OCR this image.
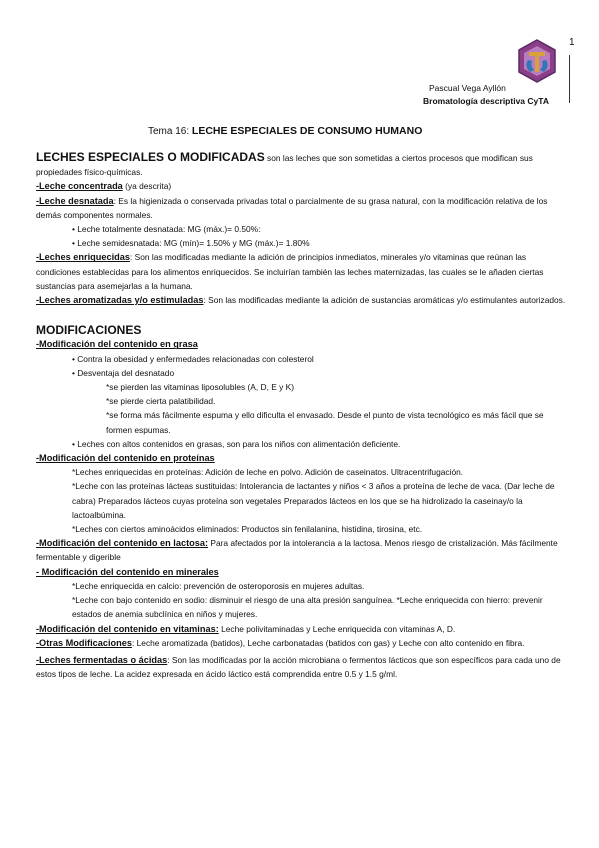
1
Pascual Vega Ayllón
Bromatología descriptiva CyTA
Tema 16: LECHE ESPECIALES DE CONSUMO HUMANO

LECHES ESPECIALES O MODIFICADAS son las leches que son sometidas a ciertos procesos que modifican sus propiedades físico-químicas.

-Leche concentrada (ya descrita)

-Leche desnatada: Es la higienizada o conservada privadas total o parcialmente de su grasa natural, con la modificación relativa de los demás componentes normales.

• Leche totalmente desnatada: MG (máx.)= 0.50%:

• Leche semidesnatada: MG (mín)= 1.50% y MG (máx.)= 1.80%

-Leches enriquecidas: Son las modificadas mediante la adición de principios inmediatos, minerales y/o vitaminas que reúnan las condiciones establecidas para los alimentos enriquecidos. Se incluirían también las leches maternizadas, las cuales se le añaden ciertas sustancias para asemejarlas a la humana.

-Leches aromatizadas y/o estimuladas: Son las modificadas mediante la adición de sustancias aromáticas y/o estimulantes autorizados.

MODIFICACIONES

-Modificación del contenido en grasa

• Contra la obesidad y enfermedades relacionadas con colesterol

• Desventaja del desnatado

*se pierden las vitaminas liposolubles (A, D, E y K)

*se pierde cierta palatibilidad.

*se forma más fácilmente espuma y ello dificulta el envasado. Desde el punto de vista tecnológico es más fácil que se formen espumas.

• Leches con altos contenidos en grasas, son para los niños con alimentación deficiente.

-Modificación del contenido en proteínas

*Leches enriquecidas en proteínas: Adición de leche en polvo. Adición de caseinatos. Ultracentrifugación.

*Leche con las proteínas lácteas sustituidas: Intolerancia de lactantes y niños < 3 años a proteína de leche de vaca. (Dar leche de cabra) Preparados lácteos cuyas proteína son vegetales Preparados lácteos en los que se ha hidrolizado la caseinay/o la lactoalbúmina.

*Leches con ciertos aminoácidos eliminados: Productos sin fenilalanina, histidina, tirosina, etc.

-Modificación del contenido en lactosa: Para afectados por la intolerancia a la lactosa. Menos riesgo de cristalización. Más fácilmente fermentable y digerible

- Modificación del contenido en minerales

*Leche enriquecida en calcio: prevención de osteroporosis en mujeres adultas.

*Leche con bajo contenido en sodio: disminuir el riesgo de una alta presión sanguínea. *Leche enriquecida con hierro: prevenir estados de anemia subclínica en niños y mujeres.

-Modificación del contenido en vitaminas: Leche polivitaminadas y Leche enriquecida con vitaminas A, D.

-Otras Modificaciones: Leche aromatizada (batidos), Leche carbonatadas (batidos con gas) y Leche con alto contenido en fibra.

-Leches fermentadas o ácidas: Son las modificadas por la acción microbiana o fermentos lácticos que son específicos para cada uno de estos tipos de leche. La acidez expresada en ácido láctico está comprendida entre 0.5 y 1.5 g/ml.
